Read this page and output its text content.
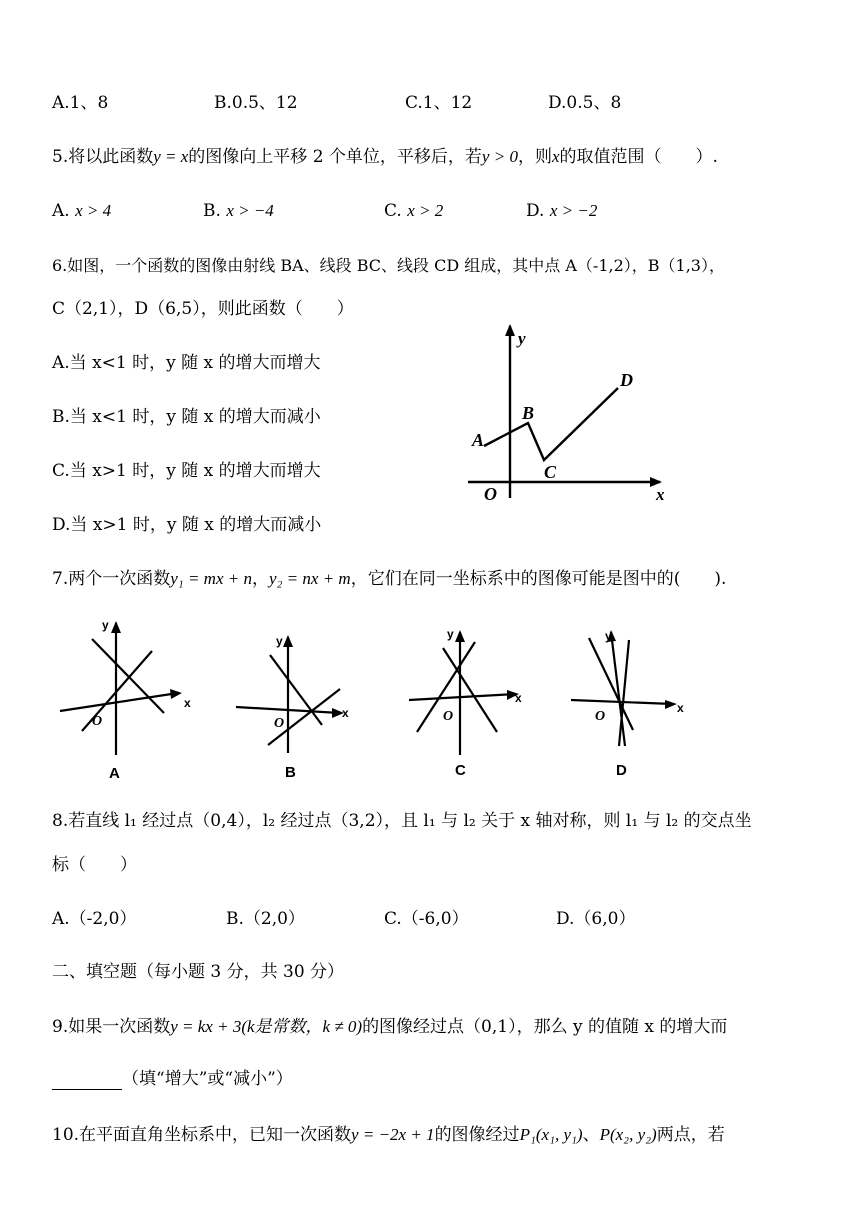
A.1、8	B.0.5、12	C.1、12	D.0.5、8
5.将以此函数y = x的图像向上平移 2 个单位，平移后，若y > 0，则x的取值范围（　　）.
A. x > 4	B. x > −4	C. x > 2	D. x > −2
6.如图，一个函数的图像由射线 BA、线段 BC、线段 CD 组成，其中点 A（-1,2），B（1,3），
C（2,1），D（6,5），则此函数（　　）
A.当 x<1 时，y 随 x 的增大而增大
B.当 x<1 时，y 随 x 的增大而减小
C.当 x>1 时，y 随 x 的增大而增大
D.当 x>1 时，y 随 x 的增大而减小
y
x
O
A
B
C
D
7.两个一次函数y₁ = mx + n，y₂ = nx + m，它们在同一坐标系中的图像可能是图中的(　　).
y
x
O
A
y
x
O
B
y
x
O
C
y
x
O
D
8.若直线 l₁ 经过点（0,4），l₂ 经过点（3,2），且 l₁ 与 l₂ 关于 x 轴对称，则 l₁ 与 l₂ 的交点坐
标（　　）
A.（-2,0）	B.（2,0）	C.（-6,0）	D.（6,0）
二、填空题（每小题 3 分，共 30 分）
9.如果一次函数y = kx + 3(k是常数，k ≠ 0)的图像经过点（0,1），那么 y 的值随 x 的增大而
（填“增大”或“减小”）
10.在平面直角坐标系中，已知一次函数y = −2x + 1的图像经过P₁(x₁, y₁)、P(x₂, y₂)两点，若
